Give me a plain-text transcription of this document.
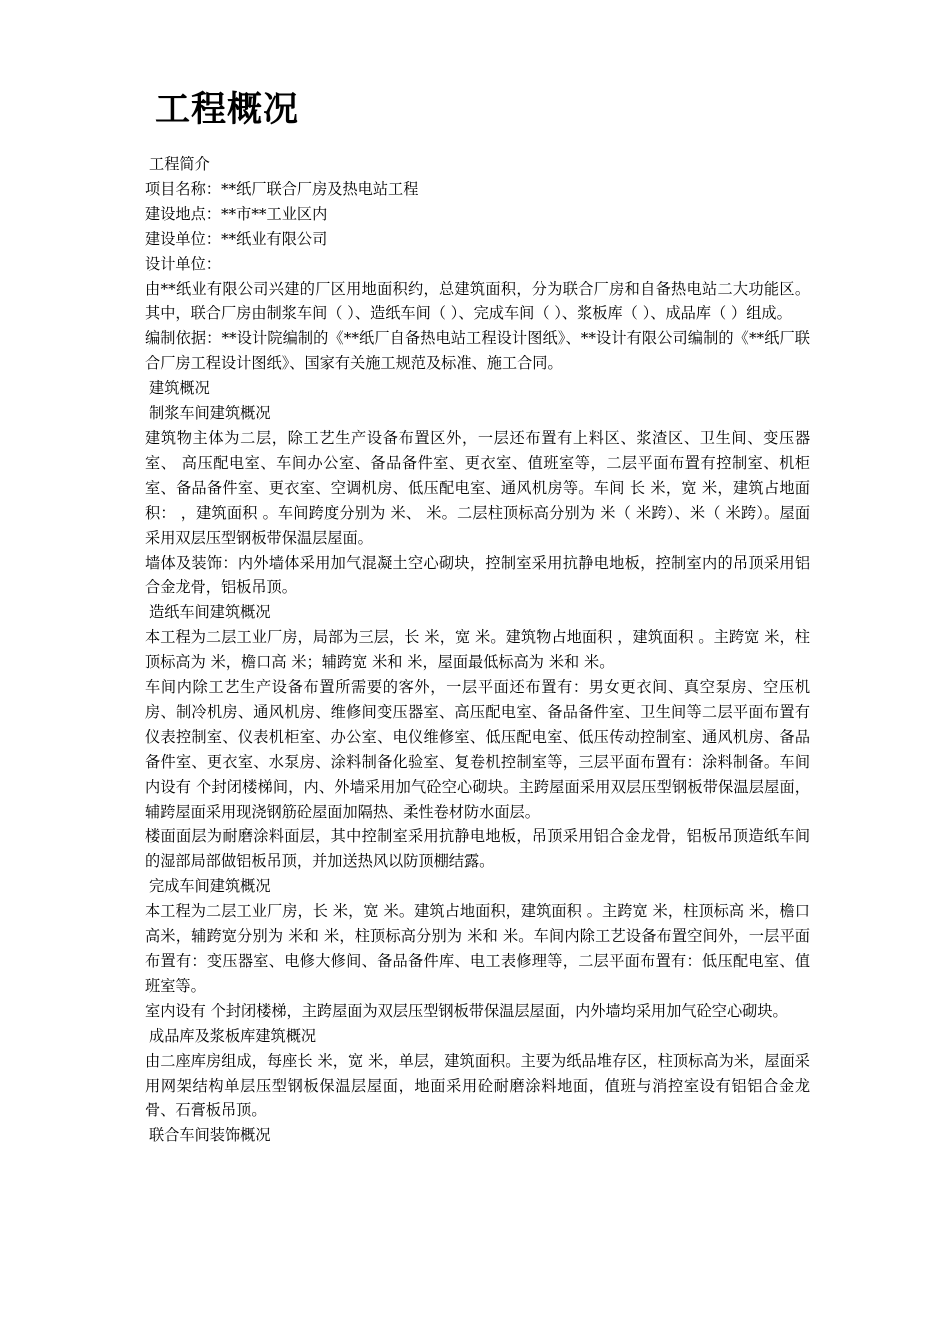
工程概况

工程简介

项目名称：**纸厂联合厂房及热电站工程

建设地点：**市**工业区内

建设单位：**纸业有限公司

设计单位：

由**纸业有限公司兴建的厂区用地面积约，总建筑面积，分为联合厂房和自备热电站二大功能区。其中，联合厂房由制浆车间（ ）、造纸车间（ ）、完成车间（ ）、浆板库（ ）、成品库（ ）组成。

编制依据：**设计院编制的《**纸厂自备热电站工程设计图纸》、**设计有限公司编制的《**纸厂联合厂房工程设计图纸》、国家有关施工规范及标准、施工合同。

建筑概况

制浆车间建筑概况

建筑物主体为二层，除工艺生产设备布置区外，一层还布置有上料区、浆渣区、卫生间、变压器室、 高压配电室、车间办公室、备品备件室、更衣室、值班室等，二层平面布置有控制室、机柜室、备品备件室、更衣室、空调机房、低压配电室、通风机房等。车间 长 米，宽 米，建筑占地面积： ，建筑面积 。车间跨度分别为 米、 米。二层柱顶标高分别为 米（ 米跨）、米（ 米跨）。屋面采用双层压型钢板带保温层屋面。

墙体及装饰：内外墙体采用加气混凝土空心砌块，控制室采用抗静电地板，控制室内的吊顶采用铝合金龙骨，铝板吊顶。

造纸车间建筑概况

本工程为二层工业厂房，局部为三层，长 米，宽 米。建筑物占地面积 ，建筑面积 。主跨宽 米，柱顶标高为 米，檐口高 米；辅跨宽 米和 米，屋面最低标高为 米和 米。

车间内除工艺生产设备布置所需要的客外，一层平面还布置有：男女更衣间、真空泵房、空压机房、制冷机房、通风机房、维修间变压器室、高压配电室、备品备件室、卫生间等二层平面布置有仪表控制室、仪表机柜室、办公室、电仪维修室、低压配电室、低压传动控制室、通风机房、备品备件室、更衣室、水泵房、涂料制备化验室、复卷机控制室等，三层平面布置有：涂料制备。车间内设有 个封闭楼梯间，内、外墙采用加气砼空心砌块。主跨屋面采用双层压型钢板带保温层屋面，辅跨屋面采用现浇钢筋砼屋面加隔热、柔性卷材防水面层。

楼面面层为耐磨涂料面层，其中控制室采用抗静电地板，吊顶采用铝合金龙骨，铝板吊顶造纸车间的湿部局部做铝板吊顶，并加送热风以防顶棚结露。

完成车间建筑概况

本工程为二层工业厂房，长 米，宽 米。建筑占地面积，建筑面积 。主跨宽 米，柱顶标高 米，檐口高米，辅跨宽分别为 米和 米，柱顶标高分别为 米和 米。车间内除工艺设备布置空间外，一层平面布置有：变压器室、电修大修间、备品备件库、电工表修理等，二层平面布置有：低压配电室、值班室等。

室内设有 个封闭楼梯，主跨屋面为双层压型钢板带保温层屋面，内外墙均采用加气砼空心砌块。

成品库及浆板库建筑概况

由二座库房组成，每座长 米，宽 米，单层，建筑面积。主要为纸品堆存区，柱顶标高为米，屋面采用网架结构单层压型钢板保温层屋面，地面采用砼耐磨涂料地面，值班与消控室设有铝铝合金龙骨、石膏板吊顶。

联合车间装饰概况
